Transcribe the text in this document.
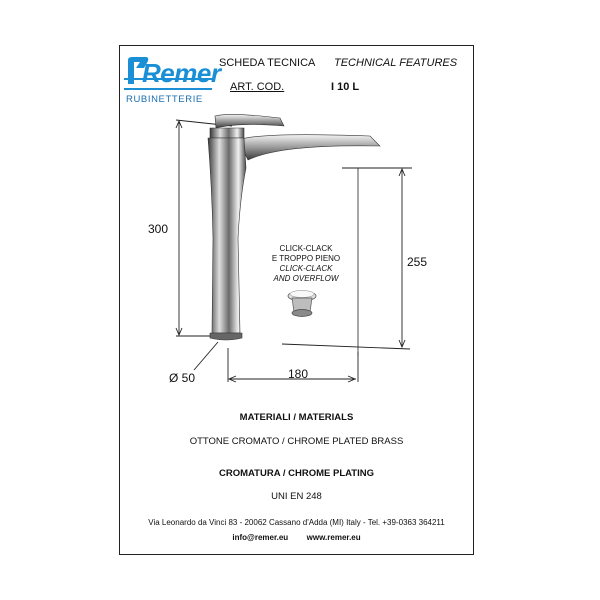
Remer
RUBINETTERIE
SCHEDA TECNICA TECHNICAL FEATURES
ART. COD.	I 10 L
300
255
180
Ø 50
CLICK-CLACK
E TROPPO PIENO
CLICK-CLACK
AND OVERFLOW
MATERIALI / MATERIALS
OTTONE CROMATO / CHROME PLATED BRASS
CROMATURA / CHROME PLATING
UNI EN 248
Via Leonardo da Vinci 83 - 20062 Cassano d'Adda (MI) Italy - Tel. +39-0363 364211
info@remer.eu www.remer.eu
